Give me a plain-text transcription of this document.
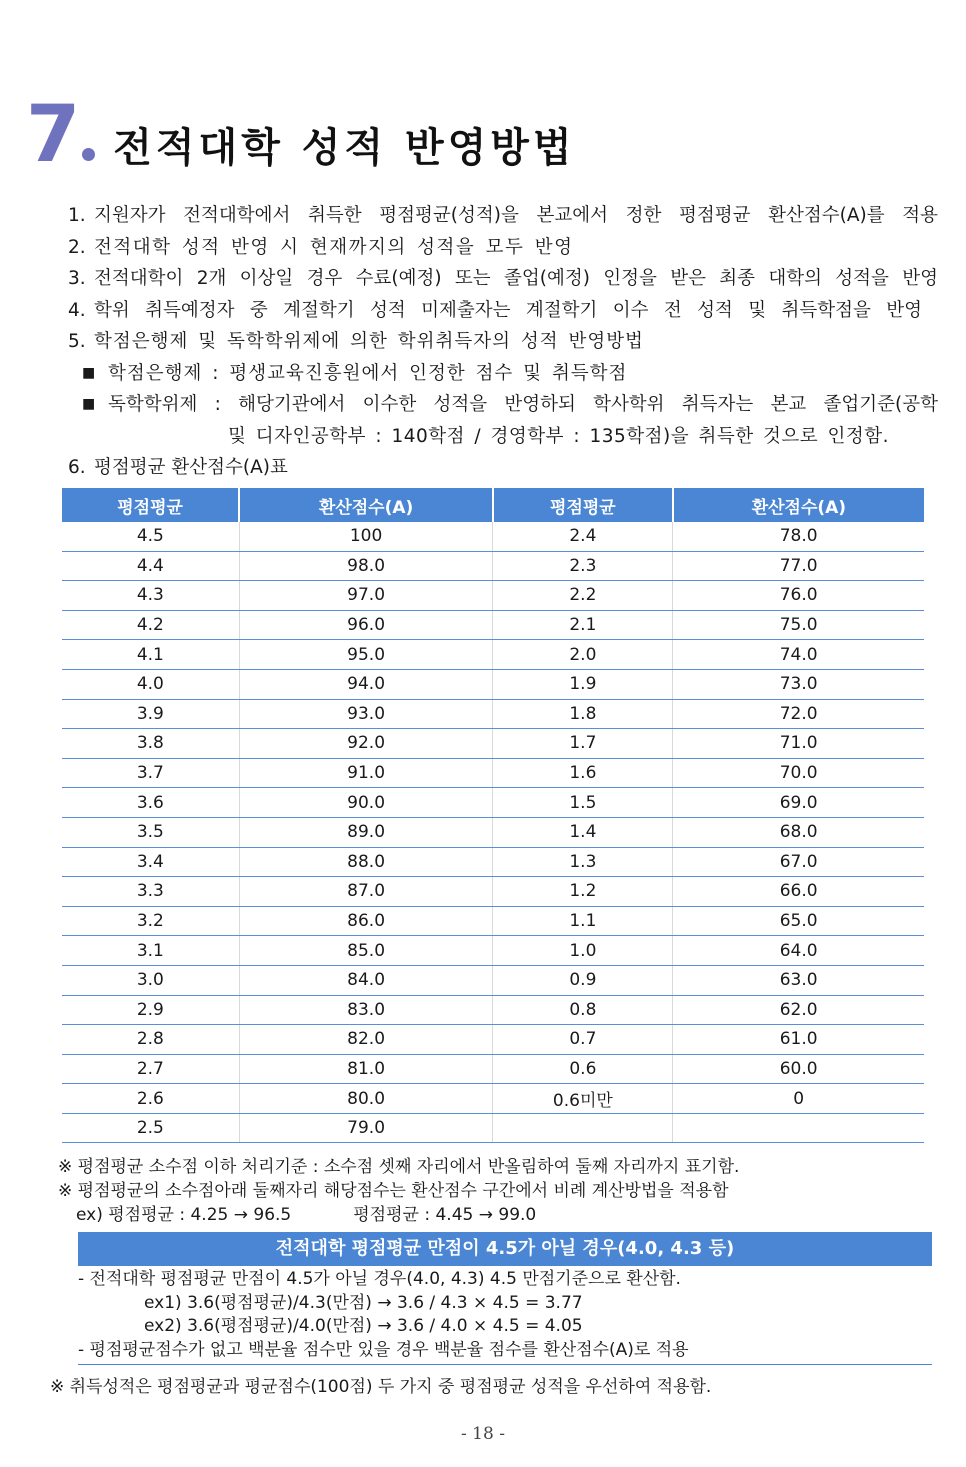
7 전적대학 성적 반영방법
1. 지원자가 전적대학에서 취득한 평점평균(성적)을 본교에서 정한 평점평균 환산점수(A)를 적용
2. 전적대학 성적 반영 시 현재까지의 성적을 모두 반영
3. 전적대학이 2개 이상일 경우 수료(예정) 또는 졸업(예정) 인정을 받은 최종 대학의 성적을 반영
4. 학위 취득예정자 중 계절학기 성적 미제출자는 계절학기 이수 전 성적 및 취득학점을 반영
5. 학점은행제 및 독학학위제에 의한 학위취득자의 성적 반영방법
■ 학점은행제 : 평생교육진흥원에서 인정한 점수 및 취득학점
■ 독학학위제 : 해당기관에서 이수한 성적을 반영하되 학사학위 취득자는 본교 졸업기준(공학
및 디자인공학부 : 140학점 / 경영학부 : 135학점)을 취득한 것으로 인정함.
6. 평점평균 환산점수(A)표
평점평균	환산점수(A)	평점평균	환산점수(A)
4.5	100	2.4	78.0
4.4	98.0	2.3	77.0
4.3	97.0	2.2	76.0
4.2	96.0	2.1	75.0
4.1	95.0	2.0	74.0
4.0	94.0	1.9	73.0
3.9	93.0	1.8	72.0
3.8	92.0	1.7	71.0
3.7	91.0	1.6	70.0
3.6	90.0	1.5	69.0
3.5	89.0	1.4	68.0
3.4	88.0	1.3	67.0
3.3	87.0	1.2	66.0
3.2	86.0	1.1	65.0
3.1	85.0	1.0	64.0
3.0	84.0	0.9	63.0
2.9	83.0	0.8	62.0
2.8	82.0	0.7	61.0
2.7	81.0	0.6	60.0
2.6	80.0	0.6미만	0
2.5	79.0		
※ 평점평균 소수점 이하 처리기준 : 소수점 셋째 자리에서 반올림하여 둘째 자리까지 표기함.
※ 평점평균의 소수점아래 둘째자리 해당점수는 환산점수 구간에서 비례 계산방법을 적용함
ex) 평점평균 : 4.25 → 96.5	평점평균 : 4.45 → 99.0
전적대학 평점평균 만점이 4.5가 아닐 경우(4.0, 4.3 등)
- 전적대학 평점평균 만점이 4.5가 아닐 경우(4.0, 4.3) 4.5 만점기준으로 환산함.
ex1) 3.6(평점평균)/4.3(만점) → 3.6 / 4.3 × 4.5 = 3.77
ex2) 3.6(평점평균)/4.0(만점) → 3.6 / 4.0 × 4.5 = 4.05
- 평점평균점수가 없고 백분율 점수만 있을 경우 백분율 점수를 환산점수(A)로 적용
※ 취득성적은 평점평균과 평균점수(100점) 두 가지 중 평점평균 성적을 우선하여 적용함.
- 18 -
